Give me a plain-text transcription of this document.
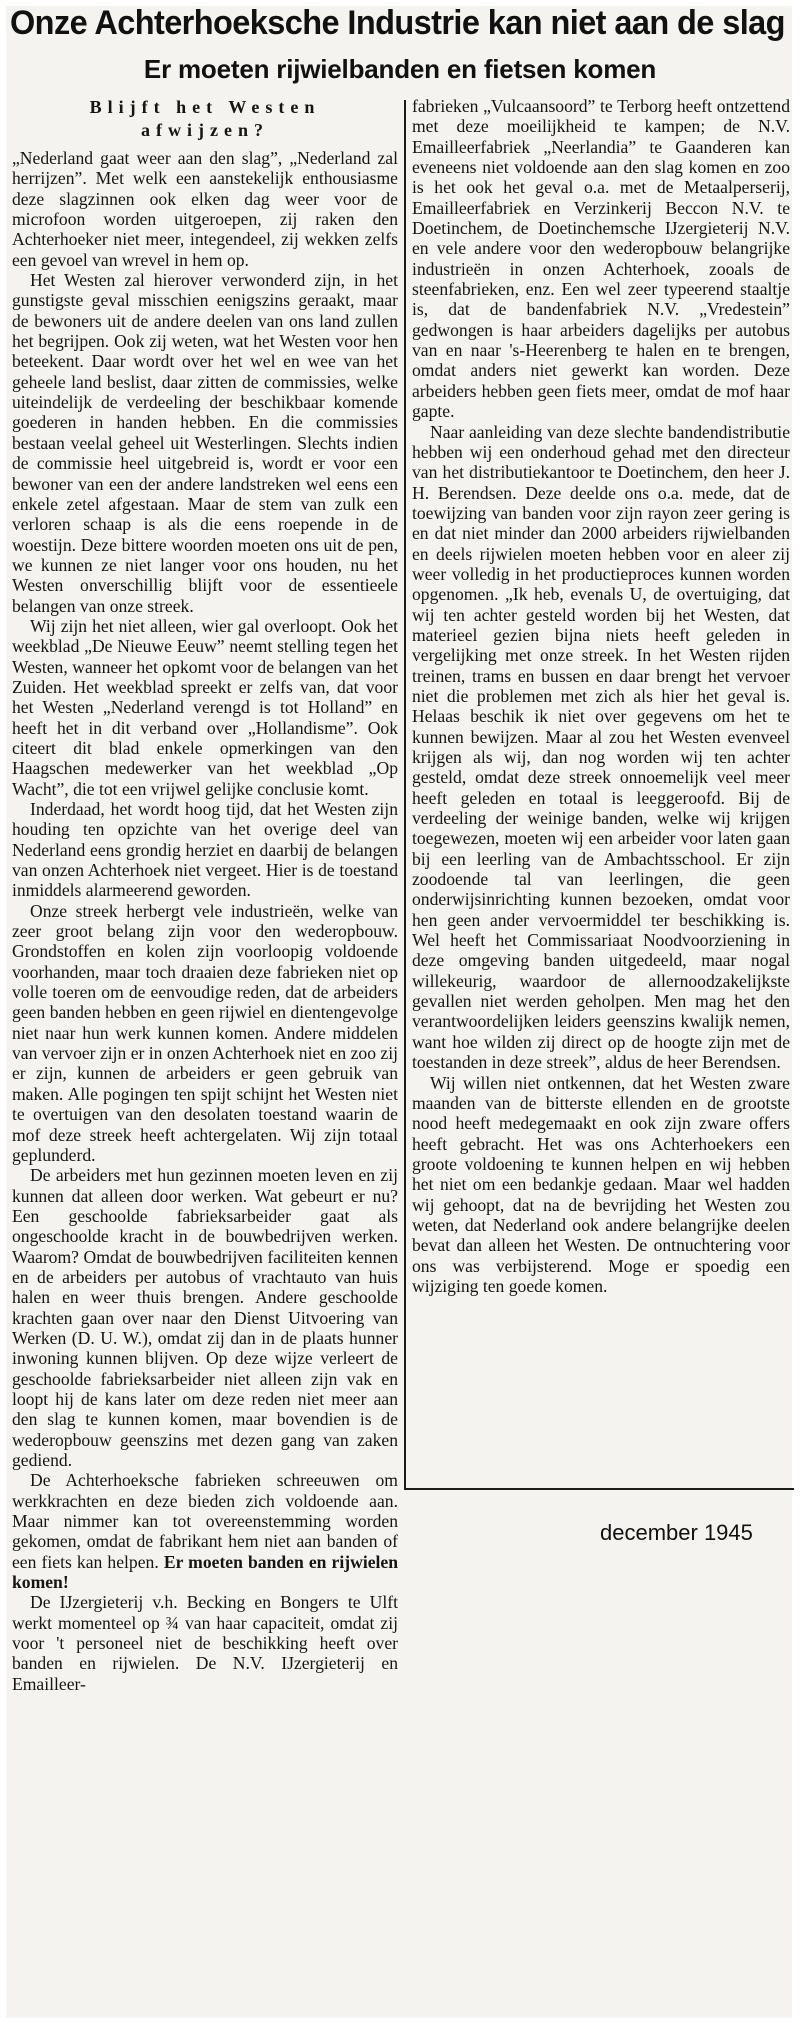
Onze Achterhoeksche Industrie kan niet aan de slag
Er moeten rijwielbanden en fietsen komen
Blijft het Westen afwijzen?

„Nederland gaat weer aan den slag”, „Nederland zal herrijzen”. Met welk een aanstekelijk enthousiasme deze slagzinnen ook elken dag weer voor de microfoon worden uitgeroepen, zij raken den Achterhoeker niet meer, integendeel, zij wekken zelfs een gevoel van wrevel in hem op.

Het Westen zal hierover verwonderd zijn, in het gunstigste geval misschien eenigszins geraakt, maar de bewoners uit de andere deelen van ons land zullen het begrijpen. Ook zij weten, wat het Westen voor hen beteekent. Daar wordt over het wel en wee van het geheele land beslist, daar zitten de commissies, welke uiteindelijk de verdeeling der beschikbaar komende goederen in handen hebben. En die commissies bestaan veelal geheel uit Westerlingen. Slechts indien de commissie heel uitgebreid is, wordt er voor een bewoner van een der andere landstreken wel eens een enkele zetel afgestaan. Maar de stem van zulk een verloren schaap is als die eens roepende in de woestijn. Deze bittere woorden moeten ons uit de pen, we kunnen ze niet langer voor ons houden, nu het Westen onverschillig blijft voor de essentieele belangen van onze streek.

Wij zijn het niet alleen, wier gal overloopt. Ook het weekblad „De Nieuwe Eeuw” neemt stelling tegen het Westen, wanneer het opkomt voor de belangen van het Zuiden. Het weekblad spreekt er zelfs van, dat voor het Westen „Nederland verengd is tot Holland” en heeft het in dit verband over „Hollandisme”. Ook citeert dit blad enkele opmerkingen van den Haagschen medewerker van het weekblad „Op Wacht”, die tot een vrijwel gelijke conclusie komt.

Inderdaad, het wordt hoog tijd, dat het Westen zijn houding ten opzichte van het overige deel van Nederland eens grondig herziet en daarbij de belangen van onzen Achterhoek niet vergeet. Hier is de toestand inmiddels alarmeerend geworden.

Onze streek herbergt vele industrieën, welke van zeer groot belang zijn voor den wederopbouw. Grondstoffen en kolen zijn voorloopig voldoende voorhanden, maar toch draaien deze fabrieken niet op volle toeren om de eenvoudige reden, dat de arbeiders geen banden hebben en geen rijwiel en dientengevolge niet naar hun werk kunnen komen. Andere middelen van vervoer zijn er in onzen Achterhoek niet en zoo zij er zijn, kunnen de arbeiders er geen gebruik van maken. Alle pogingen ten spijt schijnt het Westen niet te overtuigen van den desolaten toestand waarin de mof deze streek heeft achtergelaten. Wij zijn totaal geplunderd.

De arbeiders met hun gezinnen moeten leven en zij kunnen dat alleen door werken. Wat gebeurt er nu? Een geschoolde fabrieksarbeider gaat als ongeschoolde kracht in de bouwbedrijven werken. Waarom? Omdat de bouwbedrijven faciliteiten kennen en de arbeiders per autobus of vrachtauto van huis halen en weer thuis brengen. Andere geschoolde krachten gaan over naar den Dienst Uitvoering van Werken (D. U. W.), omdat zij dan in de plaats hunner inwoning kunnen blijven. Op deze wijze verleert de geschoolde fabrieksarbeider niet alleen zijn vak en loopt hij de kans later om deze reden niet meer aan den slag te kunnen komen, maar bovendien is de wederopbouw geenszins met dezen gang van zaken gediend.

De Achterhoeksche fabrieken schreeuwen om werkkrachten en deze bieden zich voldoende aan. Maar nimmer kan tot overeenstemming worden gekomen, omdat de fabrikant hem niet aan banden of een fiets kan helpen. Er moeten banden en rijwielen komen!

De IJzergieterij v.h. Becking en Bongers te Ulft werkt momenteel op ¾ van haar capaciteit, omdat zij voor 't personeel niet de beschikking heeft over banden en rijwielen. De N.V. IJzergieterij en Emailleer-

fabrieken „Vulcaansoord” te Terborg heeft ontzettend met deze moeilijkheid te kampen; de N.V. Emailleerfabriek „Neerlandia” te Gaanderen kan eveneens niet voldoende aan den slag komen en zoo is het ook het geval o.a. met de Metaalperserij, Emailleerfabriek en Verzinkerij Beccon N.V. te Doetinchem, de Doetinchemsche IJzergieterij N.V. en vele andere voor den wederopbouw belangrijke industrieën in onzen Achterhoek, zooals de steenfabrieken, enz. Een wel zeer typeerend staaltje is, dat de bandenfabriek N.V. „Vredestein” gedwongen is haar arbeiders dagelijks per autobus van en naar 's-Heerenberg te halen en te brengen, omdat anders niet gewerkt kan worden. Deze arbeiders hebben geen fiets meer, omdat de mof haar gapte.

Naar aanleiding van deze slechte bandendistributie hebben wij een onderhoud gehad met den directeur van het distributiekantoor te Doetinchem, den heer J. H. Berendsen. Deze deelde ons o.a. mede, dat de toewijzing van banden voor zijn rayon zeer gering is en dat niet minder dan 2000 arbeiders rijwielbanden en deels rijwielen moeten hebben voor en aleer zij weer volledig in het productieproces kunnen worden opgenomen. „Ik heb, evenals U, de overtuiging, dat wij ten achter gesteld worden bij het Westen, dat materieel gezien bijna niets heeft geleden in vergelijking met onze streek. In het Westen rijden treinen, trams en bussen en daar brengt het vervoer niet die problemen met zich als hier het geval is. Helaas beschik ik niet over gegevens om het te kunnen bewijzen. Maar al zou het Westen evenveel krijgen als wij, dan nog worden wij ten achter gesteld, omdat deze streek onnoemelijk veel meer heeft geleden en totaal is leeggeroofd. Bij de verdeeling der weinige banden, welke wij krijgen toegewezen, moeten wij een arbeider voor laten gaan bij een leerling van de Ambachtsschool. Er zijn zoodoende tal van leerlingen, die geen onderwijsinrichting kunnen bezoeken, omdat voor hen geen ander vervoermiddel ter beschikking is. Wel heeft het Commissariaat Noodvoorziening in deze omgeving banden uitgedeeld, maar nogal willekeurig, waardoor de allernoodzakelijkste gevallen niet werden geholpen. Men mag het den verantwoordelijken leiders geenszins kwalijk nemen, want hoe wilden zij direct op de hoogte zijn met de toestanden in deze streek”, aldus de heer Berendsen.

Wij willen niet ontkennen, dat het Westen zware maanden van de bitterste ellenden en de grootste nood heeft medegemaakt en ook zijn zware offers heeft gebracht. Het was ons Achterhoekers een groote voldoening te kunnen helpen en wij hebben het niet om een bedankje gedaan. Maar wel hadden wij gehoopt, dat na de bevrijding het Westen zou weten, dat Nederland ook andere belangrijke deelen bevat dan alleen het Westen. De ontnuchtering voor ons was verbijsterend. Moge er spoedig een wijziging ten goede komen.

december 1945
